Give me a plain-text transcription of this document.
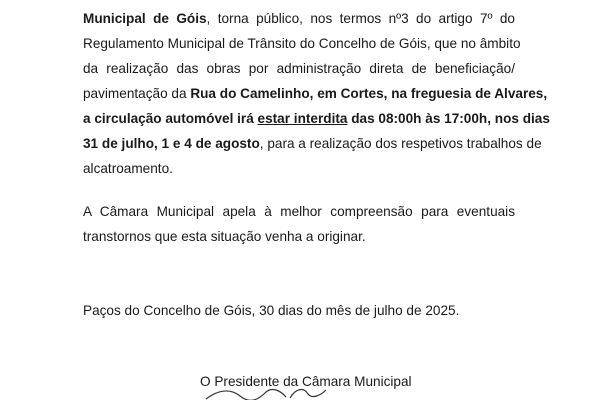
Municipal de Góis, torna público, nos termos nº3 do artigo 7º do
Regulamento Municipal de Trânsito do Concelho de Góis, que no âmbito
da realização das obras por administração direta de beneficiação/
pavimentação da Rua do Camelinho, em Cortes, na freguesia de Alvares,
a circulação automóvel irá estar interdita das 08:00h às 17:00h, nos dias
31 de julho, 1 e 4 de agosto, para a realização dos respetivos trabalhos de
alcatroamento.
A Câmara Municipal apela à melhor compreensão para eventuais
transtornos que esta situação venha a originar.
Paços do Concelho de Góis, 30 dias do mês de julho de 2025.
O Presidente da Câmara Municipal
